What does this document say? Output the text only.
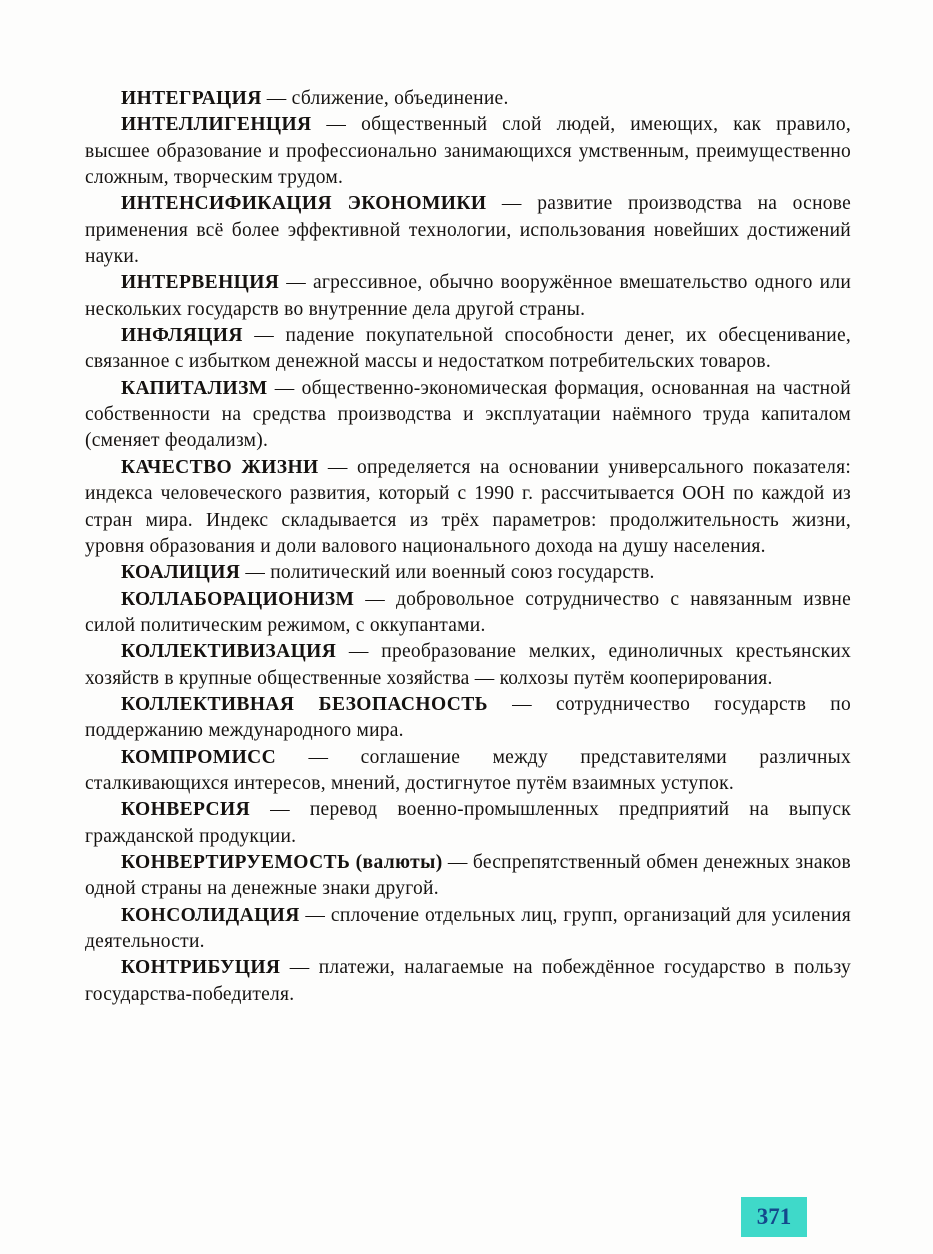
ИНТЕГРАЦИЯ — сближение, объединение.

ИНТЕЛЛИГЕНЦИЯ — общественный слой людей, имеющих, как правило, высшее образование и профессионально занимающихся умственным, преимущественно сложным, творческим трудом.

ИНТЕНСИФИКАЦИЯ ЭКОНОМИКИ — развитие производства на основе применения всё более эффективной технологии, использования новейших достижений науки.

ИНТЕРВЕНЦИЯ — агрессивное, обычно вооружённое вмешательство одного или нескольких государств во внутренние дела другой страны.

ИНФЛЯЦИЯ — падение покупательной способности денег, их обесценивание, связанное с избытком денежной массы и недостатком потребительских товаров.

КАПИТАЛИЗМ — общественно-экономическая формация, основанная на частной собственности на средства производства и эксплуатации наёмного труда капиталом (сменяет феодализм).

КАЧЕСТВО ЖИЗНИ — определяется на основании универсального показателя: индекса человеческого развития, который с 1990 г. рассчитывается ООН по каждой из стран мира. Индекс складывается из трёх параметров: продолжительность жизни, уровня образования и доли валового национального дохода на душу населения.

КОАЛИЦИЯ — политический или военный союз государств.

КОЛЛАБОРАЦИОНИЗМ — добровольное сотрудничество с навязанным извне силой политическим режимом, с оккупантами.

КОЛЛЕКТИВИЗАЦИЯ — преобразование мелких, единоличных крестьянских хозяйств в крупные общественные хозяйства — колхозы путём кооперирования.

КОЛЛЕКТИВНАЯ БЕЗОПАСНОСТЬ — сотрудничество государств по поддержанию международного мира.

КОМПРОМИСС — соглашение между представителями различных сталкивающихся интересов, мнений, достигнутое путём взаимных уступок.

КОНВЕРСИЯ — перевод военно-промышленных предприятий на выпуск гражданской продукции.

КОНВЕРТИРУЕМОСТЬ (валюты) — беспрепятственный обмен денежных знаков одной страны на денежные знаки другой.

КОНСОЛИДАЦИЯ — сплочение отдельных лиц, групп, организаций для усиления деятельности.

КОНТРИБУЦИЯ — платежи, налагаемые на побеждённое государство в пользу государства-победителя.

371
